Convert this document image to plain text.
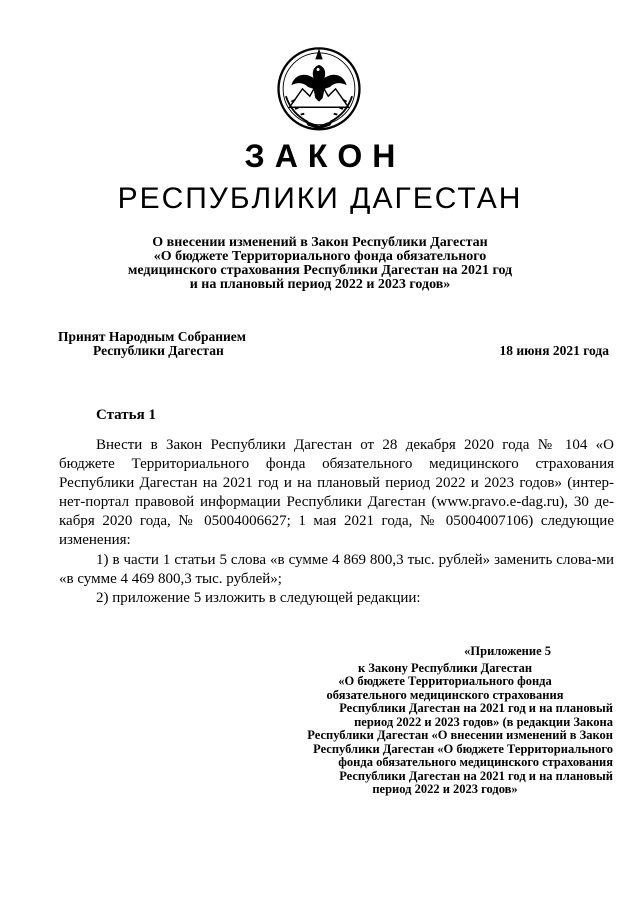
ЗАКОН
РЕСПУБЛИКИ ДАГЕСТАН
О внесении изменений в Закон Республики Дагестан
«О бюджете Территориального фонда обязательного
медицинского страхования Республики Дагестан на 2021 год
и на плановый период 2022 и 2023 годов»
Принят Народным Собранием
Республики Дагестан	18 июня 2021 года
Статья 1

Внести в Закон Республики Дагестан от 28 декабря 2020 года № 104 «О бюджете Территориального фонда обязательного медицинского страхования Республики Дагестан на 2021 год и на плановый период 2022 и 2023 годов» (интер-нет-портал правовой информации Республики Дагестан (www.pravo.e-dag.ru), 30 де-кабря 2020 года, № 05004006627; 1 мая 2021 года, № 05004007106) следующие изменения:

1) в части 1 статьи 5 слова «в сумме 4 869 800,3 тыс. рублей» заменить слова-ми «в сумме 4 469 800,3 тыс. рублей»;

2) приложение 5 изложить в следующей редакции:

«Приложение 5
к Закону Республики Дагестан
«О бюджете Территориального фонда
обязательного медицинского страхования
Республики Дагестан на 2021 год и на плановый
период 2022 и 2023 годов» (в редакции Закона
Республики Дагестан «О внесении изменений в Закон
Республики Дагестан «О бюджете Территориального
фонда обязательного медицинского страхования
Республики Дагестан на 2021 год и на плановый
период 2022 и 2023 годов»
